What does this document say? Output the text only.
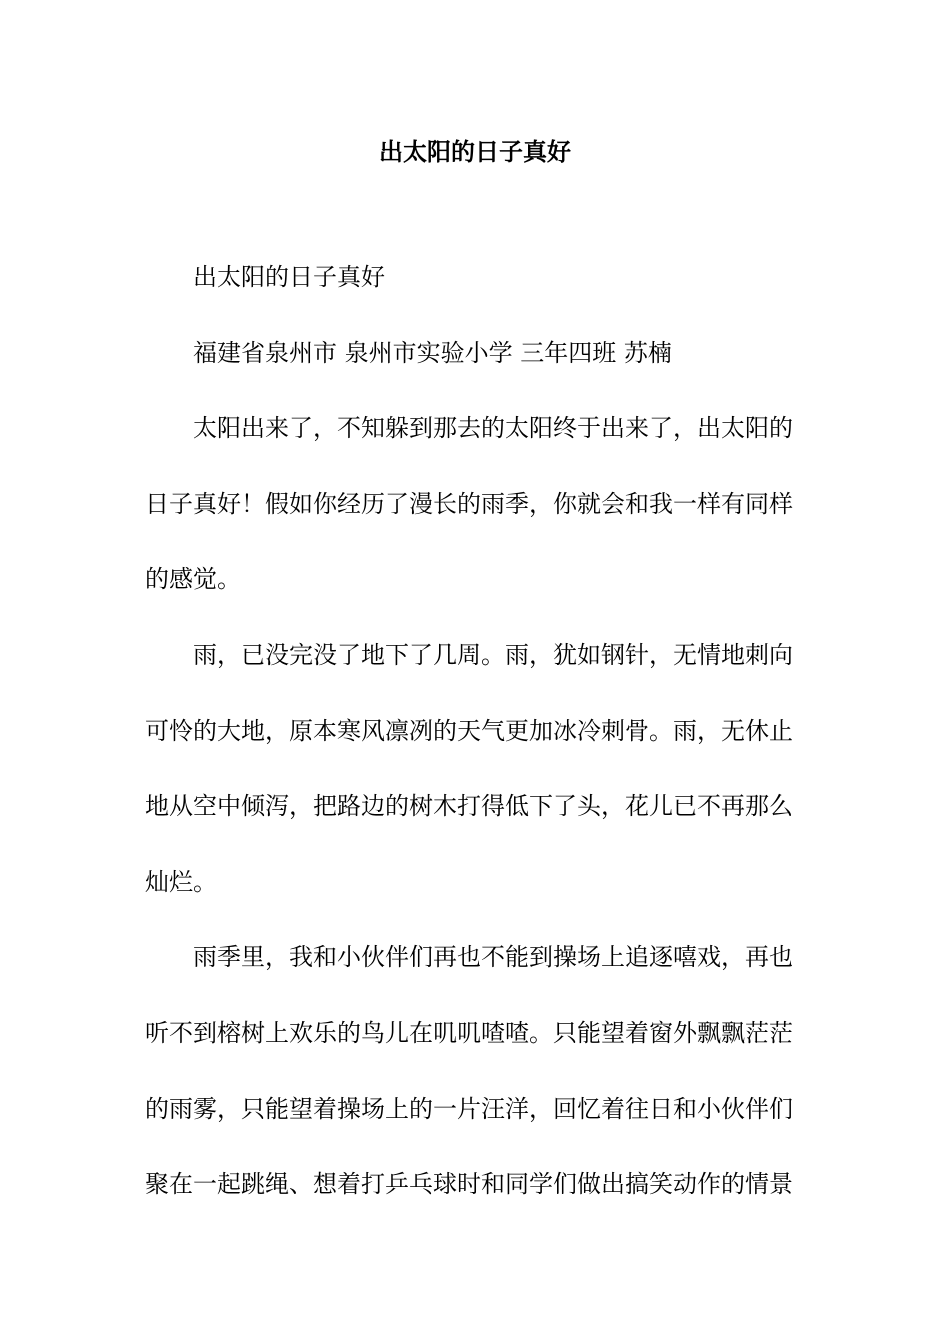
出太阳的日子真好
出太阳的日子真好
福建省泉州市 泉州市实验小学 三年四班 苏楠
太阳出来了，不知躲到那去的太阳终于出来了，出太阳的
日子真好！假如你经历了漫长的雨季，你就会和我一样有同样
的感觉。
雨，已没完没了地下了几周。雨，犹如钢针，无情地刺向
可怜的大地，原本寒风凛冽的天气更加冰冷刺骨。雨，无休止
地从空中倾泻，把路边的树木打得低下了头，花儿已不再那么
灿烂。
雨季里，我和小伙伴们再也不能到操场上追逐嘻戏，再也
听不到榕树上欢乐的鸟儿在叽叽喳喳。只能望着窗外飘飘茫茫
的雨雾，只能望着操场上的一片汪洋，回忆着往日和小伙伴们
聚在一起跳绳、想着打乒乓球时和同学们做出搞笑动作的情景
